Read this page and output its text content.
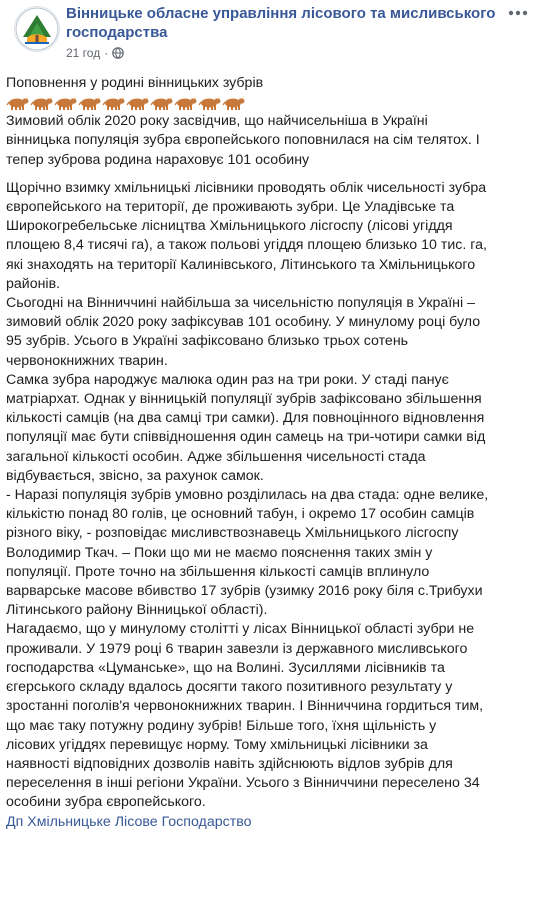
Вінницьке обласне управління лісового та мисливського господарства
21 год ·

Поповнення у родині вінницьких зубрів

Зимовий облік 2020 року засвідчив, що найчисельніша в Україні

вінницька популяція зубра європейського поповнилася на сім телятох. І

тепер зуброва родина нараховує 101 особину

Щорічно взимку хмільницькі лісівники проводять облік чисельності зубра

європейського на території, де проживають зубри. Це Уладівське та

Широкогребельське лісництва Хмільницького лісгоспу (лісові угіддя

площею 8,4 тисячі га), а також польові угіддя площею близько 10 тис. га,

які знаходять на території Калинівського, Літинського та Хмільницького

районів.

Сьогодні на Вінниччині найбільша за чисельністю популяція в Україні –

зимовий облік 2020 року зафіксував 101 особину. У минулому році було

95 зубрів. Усього в Україні зафіксовано близько трьох сотень

червонокнижних тварин.

Самка зубра народжує малюка один раз на три роки. У стаді панує

матріархат. Однак у вінницькій популяції зубрів зафіксовано збільшення

кількості самців (на два самці три самки). Для повноцінного відновлення

популяції має бути співвідношення один самець на три-чотири самки від

загальної кількості особин. Адже збільшення чисельності стада

відбувається, звісно, за рахунок самок.

- Наразі популяція зубрів умовно розділилась на два стада: одне велике,

кількістю понад 80 голів, це основний табун, і окремо 17 особин самців

різного віку, - розповідає мисливствознавець Хмільницького лісгоспу

Володимир Ткач. – Поки що ми не маємо пояснення таких змін у

популяції. Проте точно на збільшення кількості самців вплинуло

варварське масове вбивство 17 зубрів (узимку 2016 року біля с.Трибухи

Літинського району Вінницької області).

Нагадаємо, що у минулому столітті у лісах Вінницької області зубри не

проживали. У 1979 році 6 тварин завезли із державного мисливського

господарства «Цуманське», що на Волині. Зусиллями лісівників та

єгерського складу вдалось досягти такого позитивного результату у

зростанні поголів'я червонокнижних тварин. І Вінниччина гордиться тим,

що має таку потужну родину зубрів! Більше того, їхня щільність у

лісових угіддях перевищує норму. Тому хмільницькі лісівники за

наявності відповідних дозволів навіть здійснюють відлов зубрів для

переселення в інші регіони України. Усього з Вінниччини переселено 34

особини зубра європейського.

Дп Хмільницьке Лісове Господарство
